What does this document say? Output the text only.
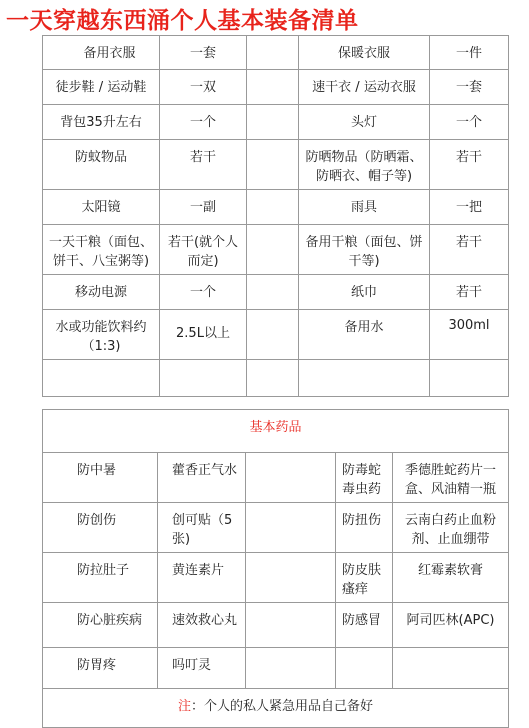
一天穿越东西涌个人基本装备清单
备用衣服	一套		保暖衣服	一件
徒步鞋 / 运动鞋	一双		速干衣 / 运动衣服	一套
背包35升左右	一个		头灯	一个
防蚊物品	若干		防晒物品（防晒霜、防晒衣、帽子等)	若干
太阳镜	一副		雨具	一把
一天干粮（面包、饼干、八宝粥等)	若干(就个人而定)		备用干粮（面包、饼干等)	若干
移动电源	一个		纸巾	若干
水或功能饮料约（1:3)	2.5L以上		备用水	300ml

基本药品				
防中暑	藿香正气水		防毒蛇毒虫药	季德胜蛇药片一盒、风油精一瓶
防创伤	创可贴（5张)		防扭伤	云南白药止血粉剂、止血绷带
防拉肚子	黄连素片		防皮肤瘙痒	红霉素软膏
防心脏疾病	速效救心丸		防感冒	阿司匹林(APC)
防胃疼	吗叮灵			
注：个人的私人紧急用品自己备好				
